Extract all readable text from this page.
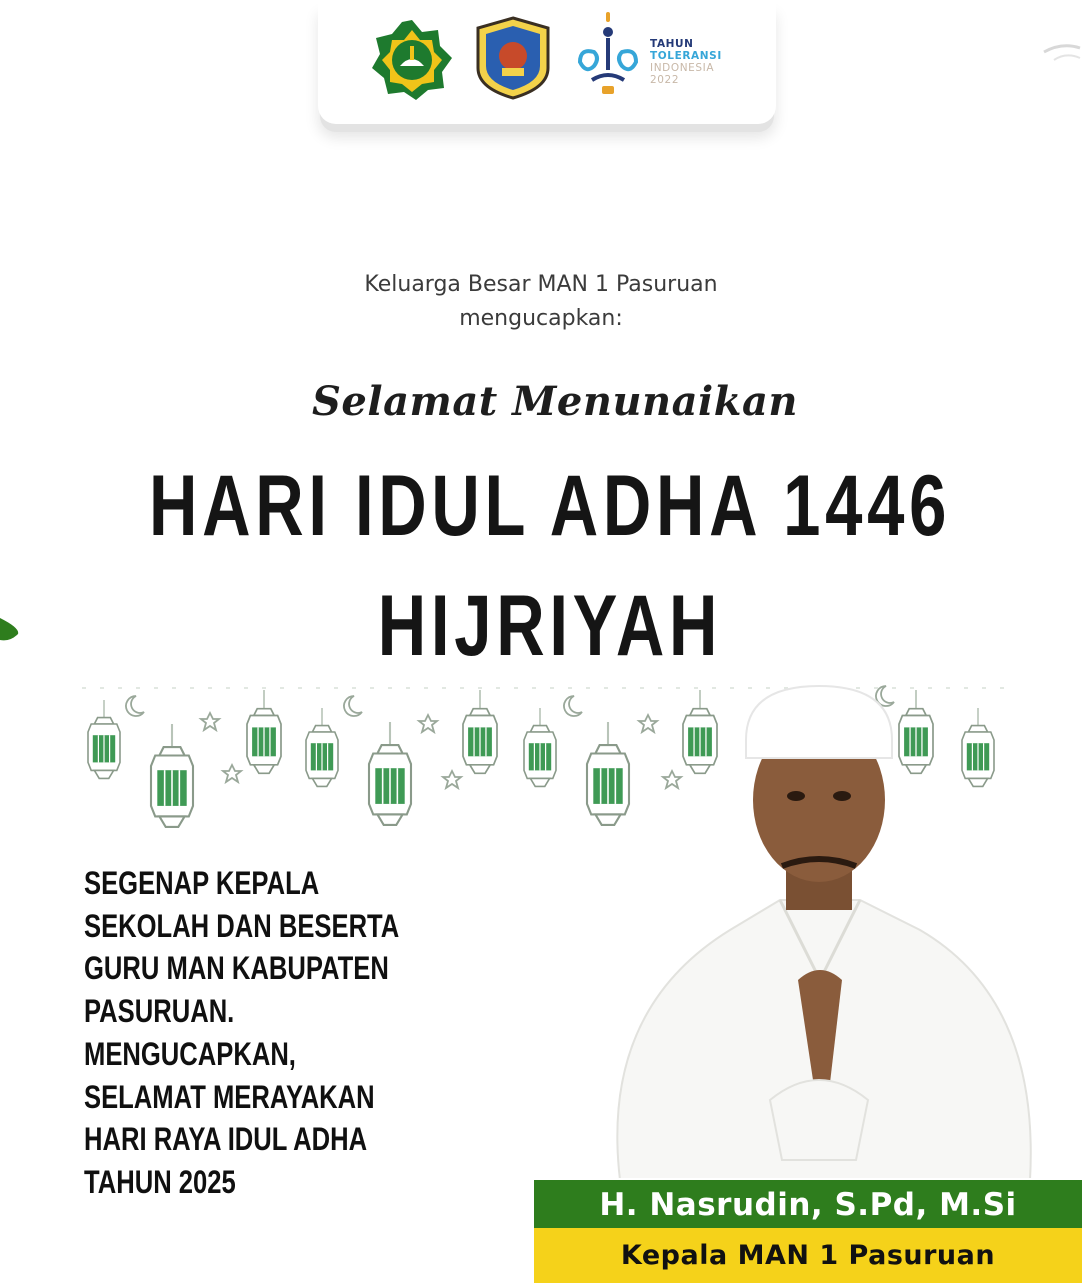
TAHUN
TOLERANSI
INDONESIA
2022
Keluarga Besar MAN 1 Pasuruan
mengucapkan:
Selamat Menunaikan
HARI IDUL ADHA 1446
HIJRIYAH
SEGENAP KEPALA
SEKOLAH DAN BESERTA
GURU MAN KABUPATEN
PASURUAN.
MENGUCAPKAN,
SELAMAT MERAYAKAN
HARI RAYA IDUL ADHA
TAHUN 2025
H. Nasrudin, S.Pd, M.Si
Kepala MAN 1 Pasuruan
